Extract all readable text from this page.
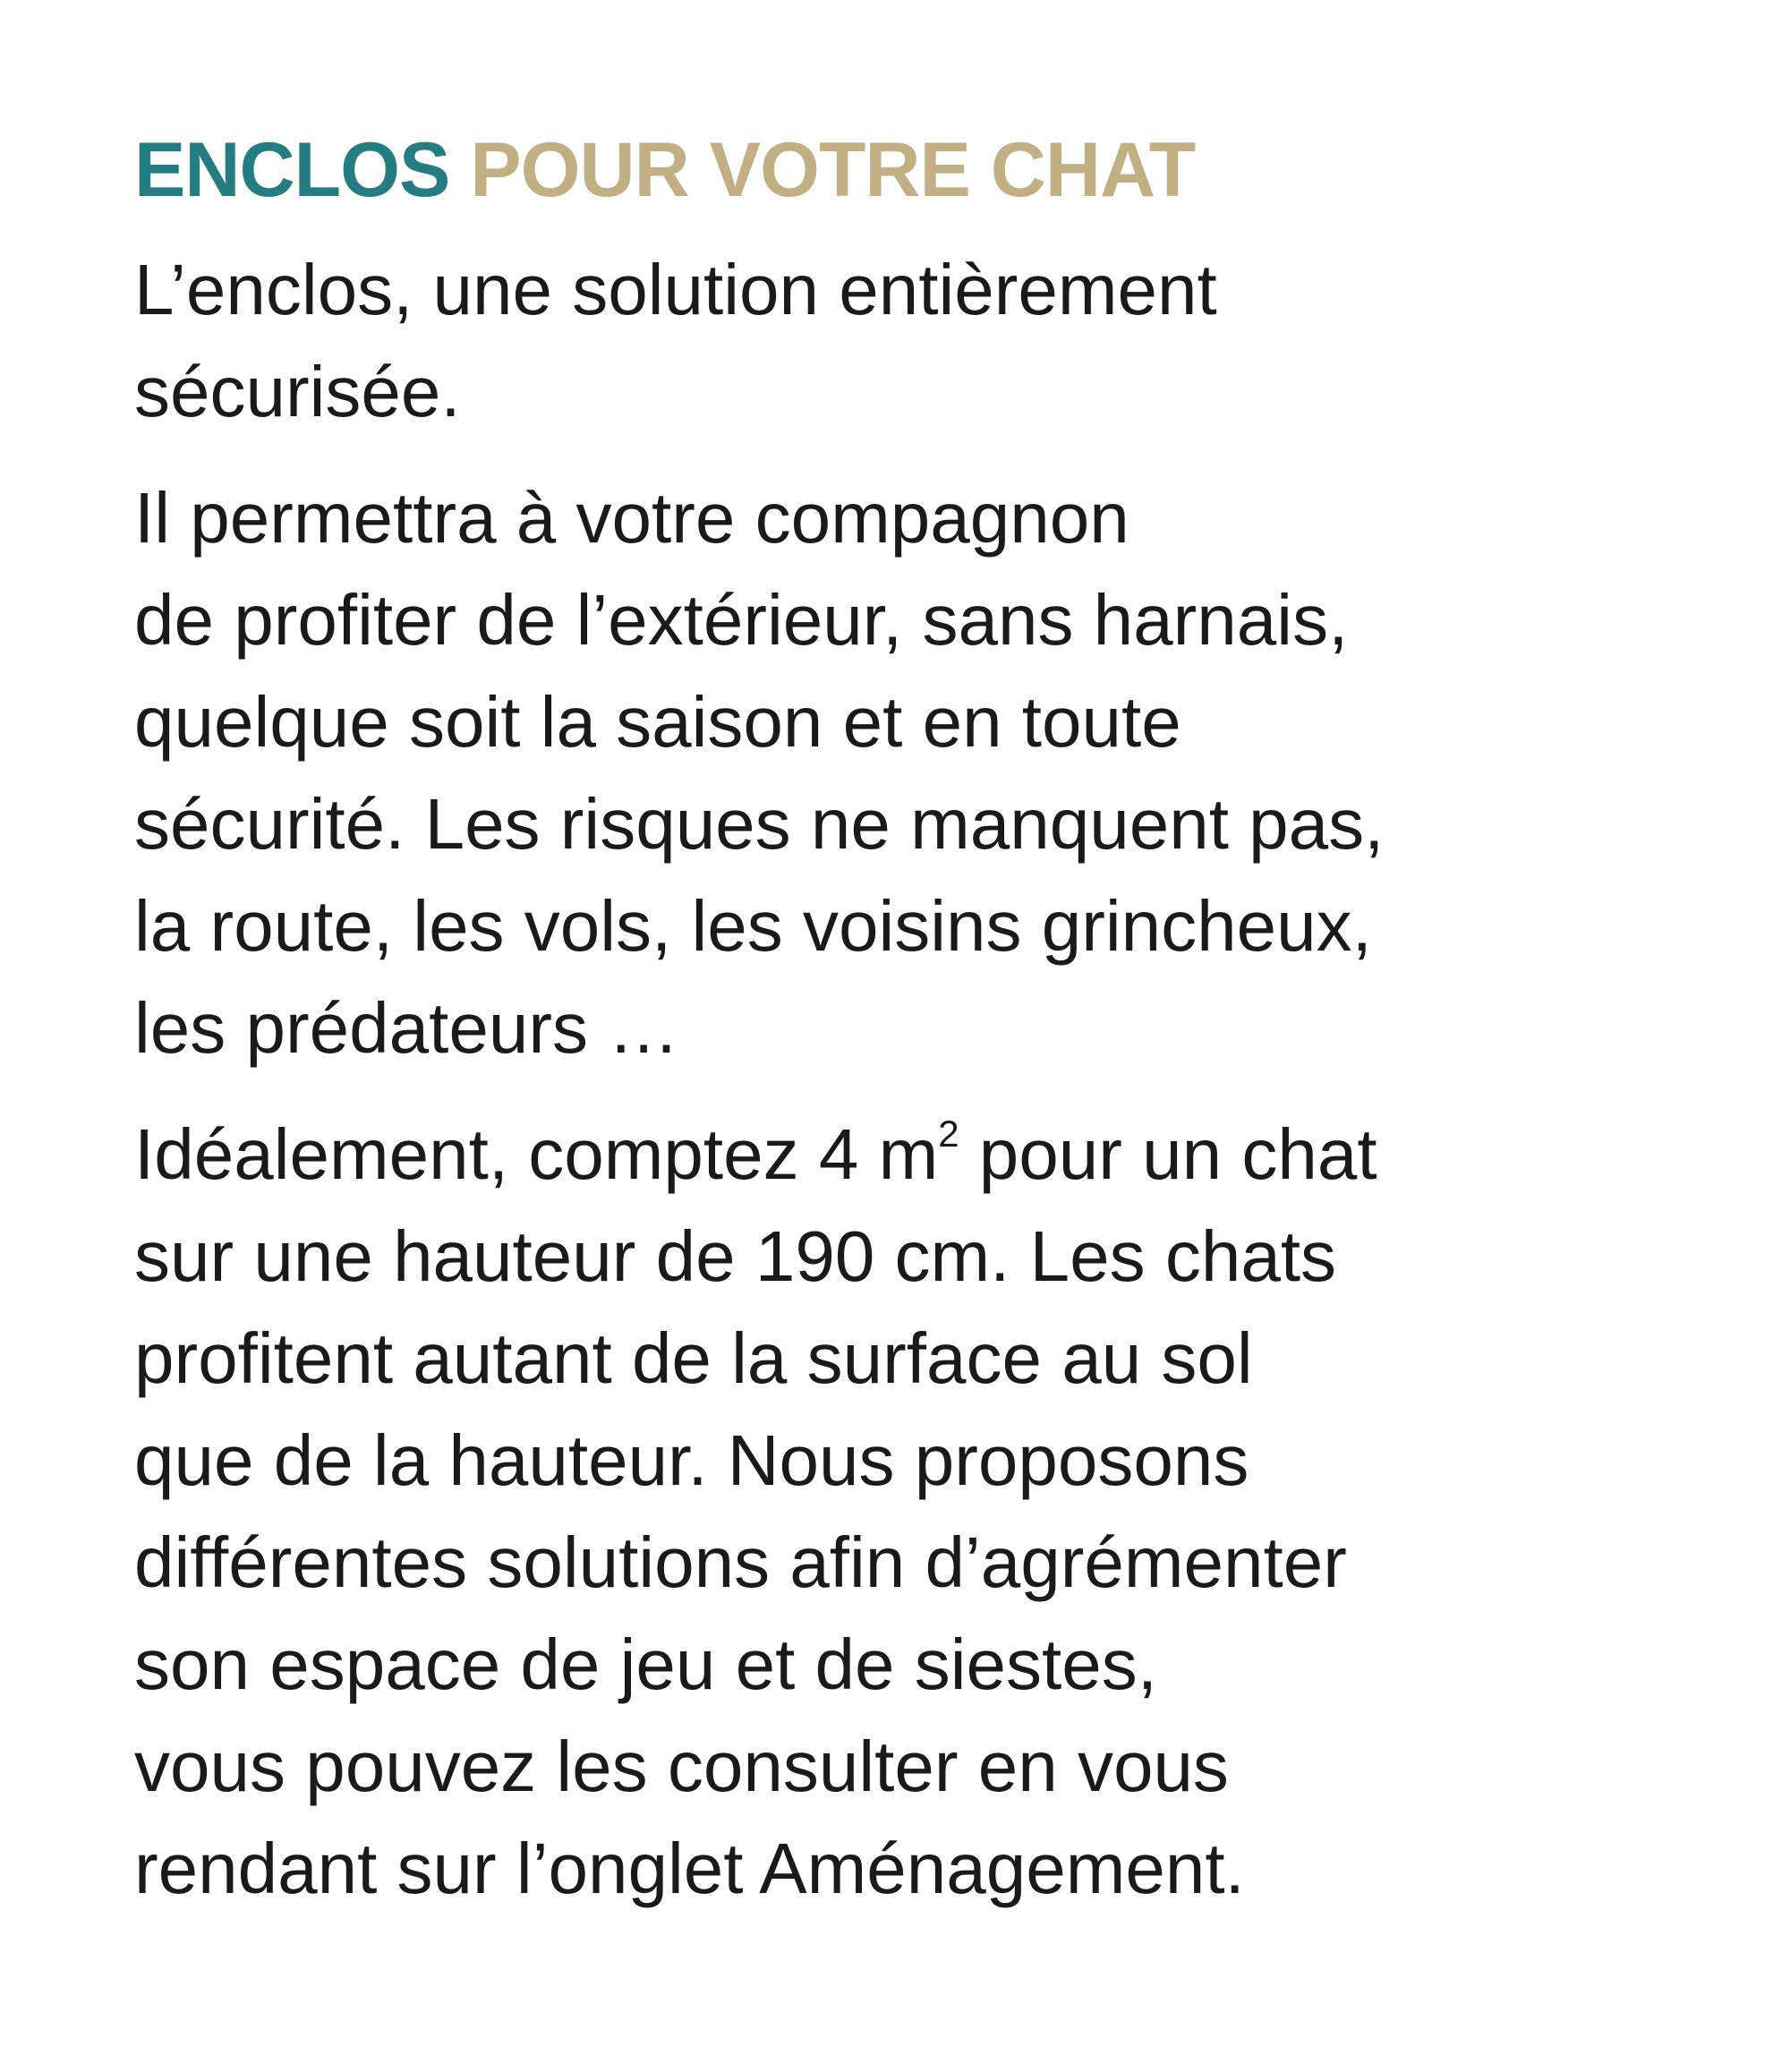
ENCLOS POUR VOTRE CHAT

L’enclos, une solution entièrement
sécurisée.

Il permettra à votre compagnon
de profiter de l’extérieur, sans harnais,
quelque soit la saison et en toute
sécurité. Les risques ne manquent pas,
la route, les vols, les voisins grincheux,
les prédateurs …

Idéalement, comptez 4 $m^2$ pour un chat
sur une hauteur de 190 cm. Les chats
profitent autant de la surface au sol
que de la hauteur. Nous proposons
différentes solutions afin d’agrémenter
son espace de jeu et de siestes,
vous pouvez les consulter en vous
rendant sur l’onglet Aménagement.
